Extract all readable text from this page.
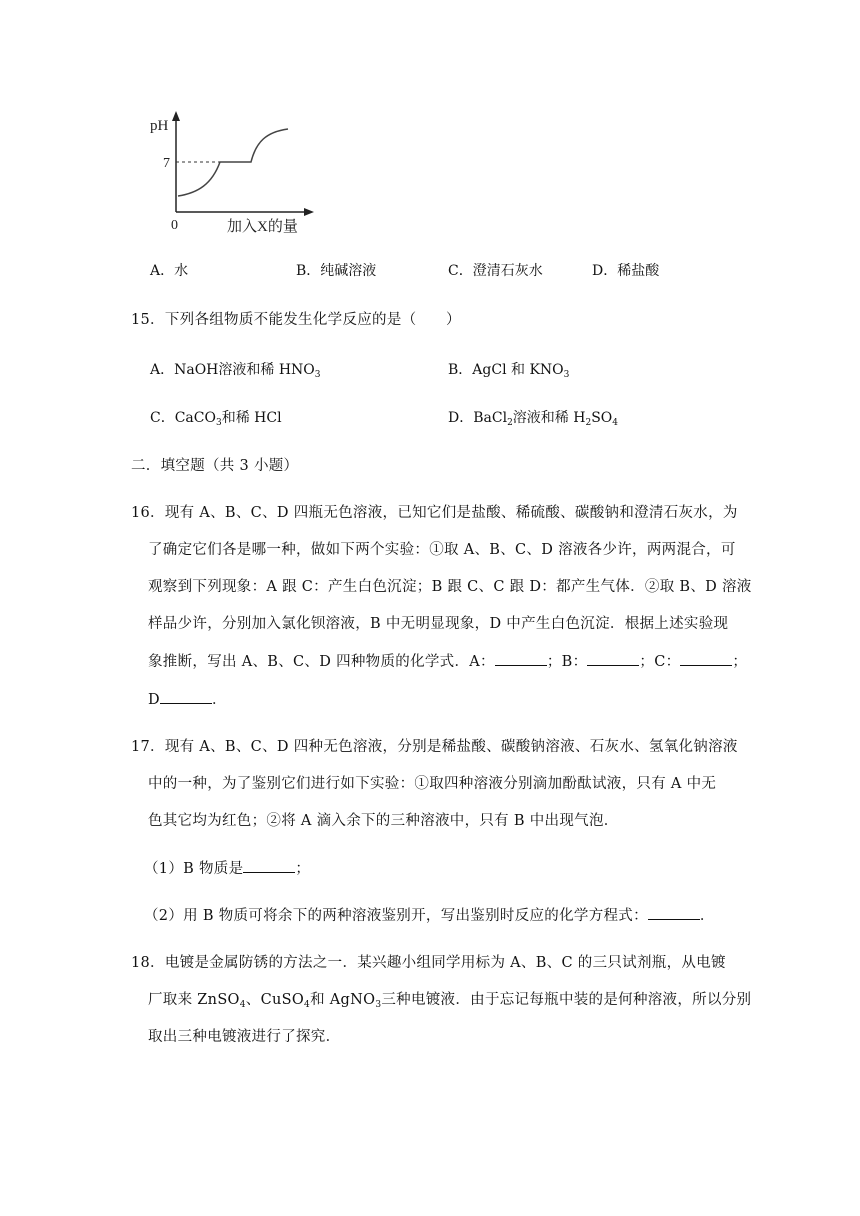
pH
7
0	加入X的量
A．水	B．纯碱溶液	C．澄清石灰水	D．稀盐酸
15．下列各组物质不能发生化学反应的是（　　）
A．NaOH溶液和稀 $HNO_3$	B．AgCl 和 $KNO_3$
C．CaCO$_3$和稀 HCl	D．BaCl$_2$溶液和稀 $H_2SO_4$
二．填空题（共 3 小题）
16．现有 A、B、C、D 四瓶无色溶液，已知它们是盐酸、稀硫酸、碳酸钠和澄清石灰水，为
了确定它们各是哪一种，做如下两个实验：①取 A、B、C、D 溶液各少许，两两混合，可
观察到下列现象：A 跟 C：产生白色沉淀；B 跟 C、C 跟 D：都产生气体．②取 B、D 溶液
样品少许，分别加入氯化钡溶液，B 中无明显现象，D 中产生白色沉淀．根据上述实验现
象推断，写出 A、B、C、D 四种物质的化学式．A：	；B：	；C：	；
D	．
17．现有 A、B、C、D 四种无色溶液，分别是稀盐酸、碳酸钠溶液、石灰水、氢氧化钠溶液
中的一种，为了鉴别它们进行如下实验：①取四种溶液分别滴加酚酞试液，只有 A 中无
色其它均为红色；②将 A 滴入余下的三种溶液中，只有 B 中出现气泡．
（1）B 物质是	；
（2）用 B 物质可将余下的两种溶液鉴别开，写出鉴别时反应的化学方程式：	．
18．电镀是金属防锈的方法之一．某兴趣小组同学用标为 A、B、C 的三只试剂瓶，从电镀
厂取来 ZnSO$_4$、CuSO$_4$和 AgNO$_3$三种电镀液．由于忘记每瓶中装的是何种溶液，所以分别
取出三种电镀液进行了探究．
